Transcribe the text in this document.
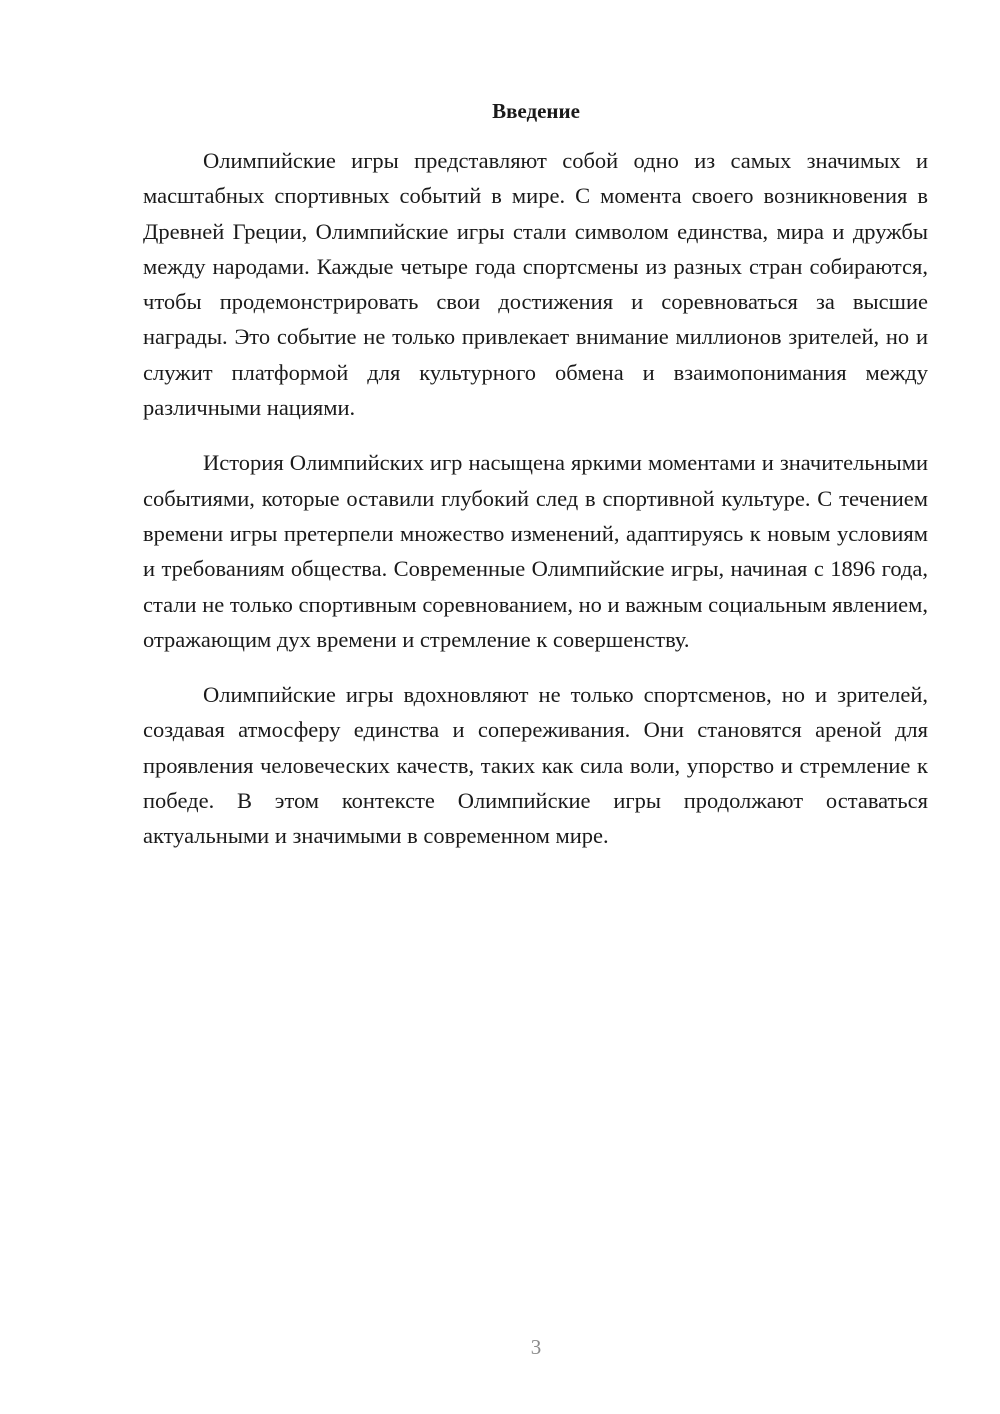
Введение

Олимпийские игры представляют собой одно из самых значимых и масштабных спортивных событий в мире. С момента своего возникновения в Древней Греции, Олимпийские игры стали символом единства, мира и дружбы между народами. Каждые четыре года спортсмены из разных стран собираются, чтобы продемонстрировать свои достижения и соревноваться за высшие награды. Это событие не только привлекает внимание миллионов зрителей, но и служит платформой для культурного обмена и взаимопонимания между различными нациями.

История Олимпийских игр насыщена яркими моментами и значительными событиями, которые оставили глубокий след в спортивной культуре. С течением времени игры претерпели множество изменений, адаптируясь к новым условиям и требованиям общества. Современные Олимпийские игры, начиная с 1896 года, стали не только спортивным соревнованием, но и важным социальным явлением, отражающим дух времени и стремление к совершенству.

Олимпийские игры вдохновляют не только спортсменов, но и зрителей, создавая атмосферу единства и сопереживания. Они становятся ареной для проявления человеческих качеств, таких как сила воли, упорство и стремление к победе. В этом контексте Олимпийские игры продолжают оставаться актуальными и значимыми в современном мире.

3
